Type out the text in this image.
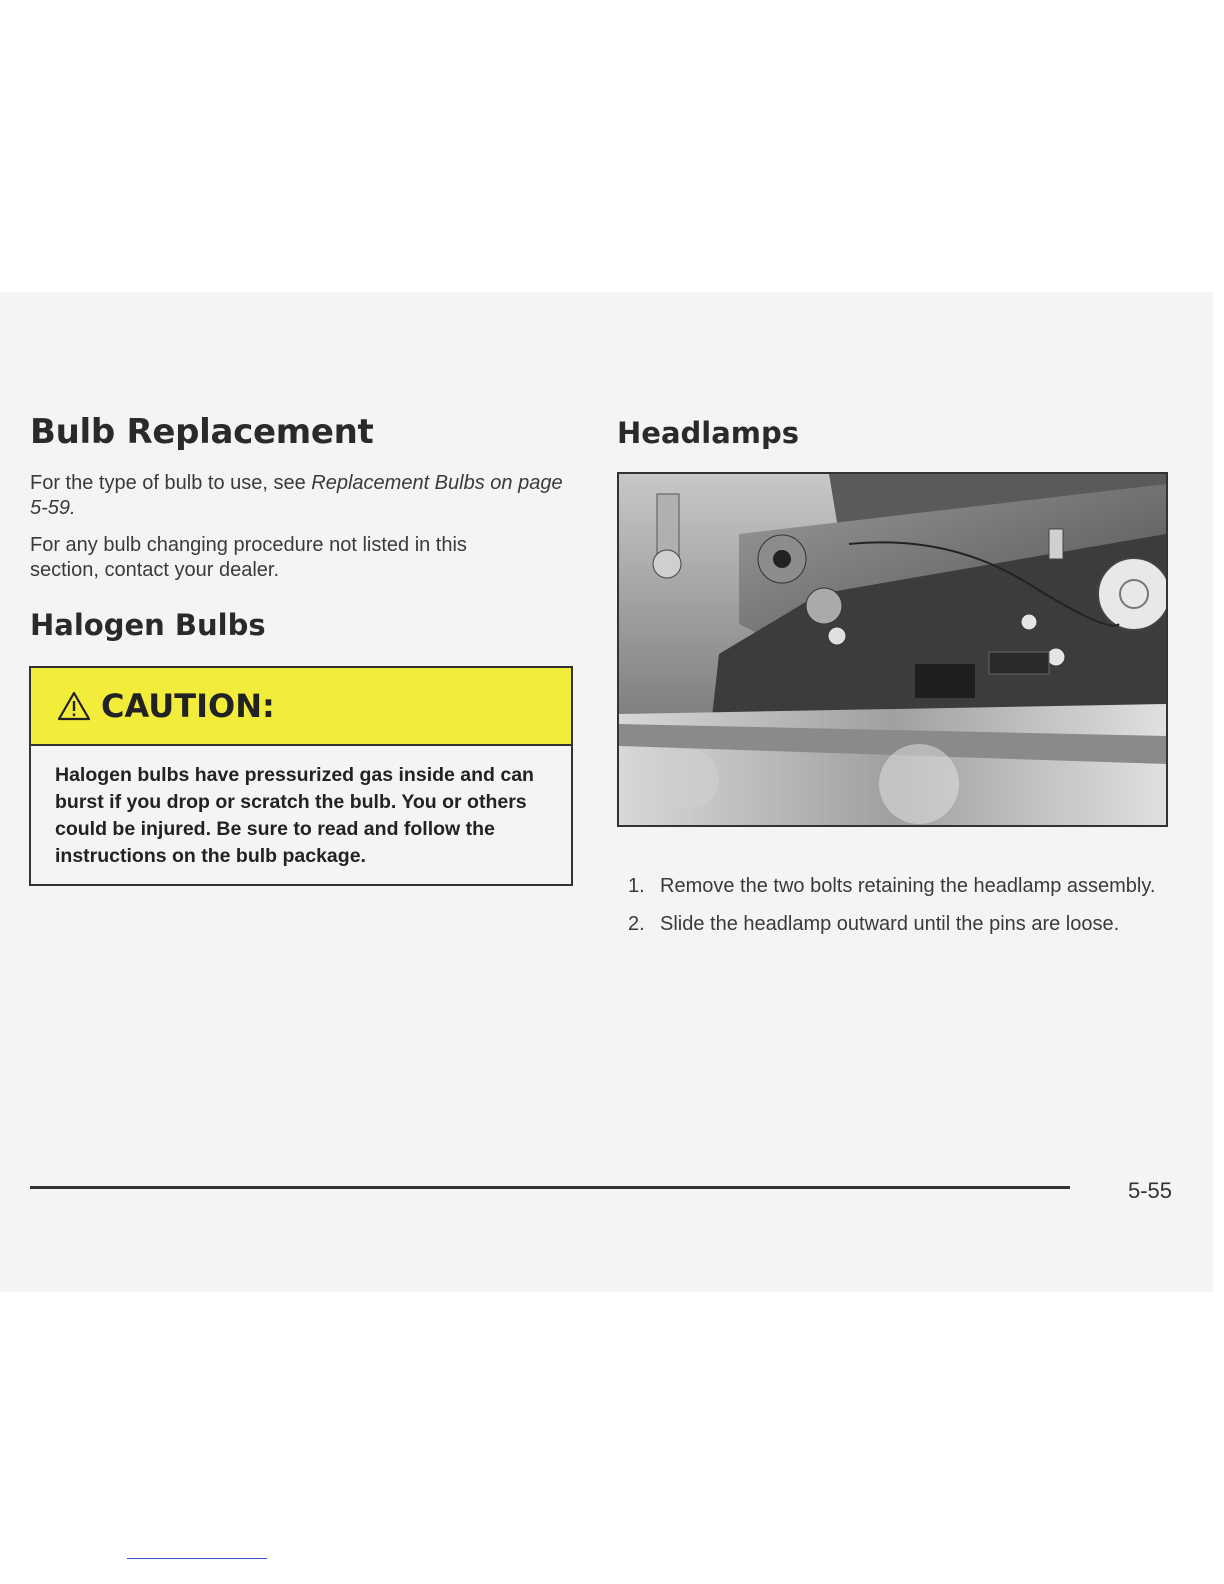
Bulb Replacement

For the type of bulb to use, see Replacement Bulbs on page 5-59.

For any bulb changing procedure not listed in this section, contact your dealer.

Halogen Bulbs
CAUTION:
Halogen bulbs have pressurized gas inside and can burst if you drop or scratch the bulb. You or others could be injured. Be sure to read and follow the instructions on the bulb package.
Headlamps
1. Remove the two bolts retaining the headlamp assembly.
2. Slide the headlamp outward until the pins are loose.
5-55
